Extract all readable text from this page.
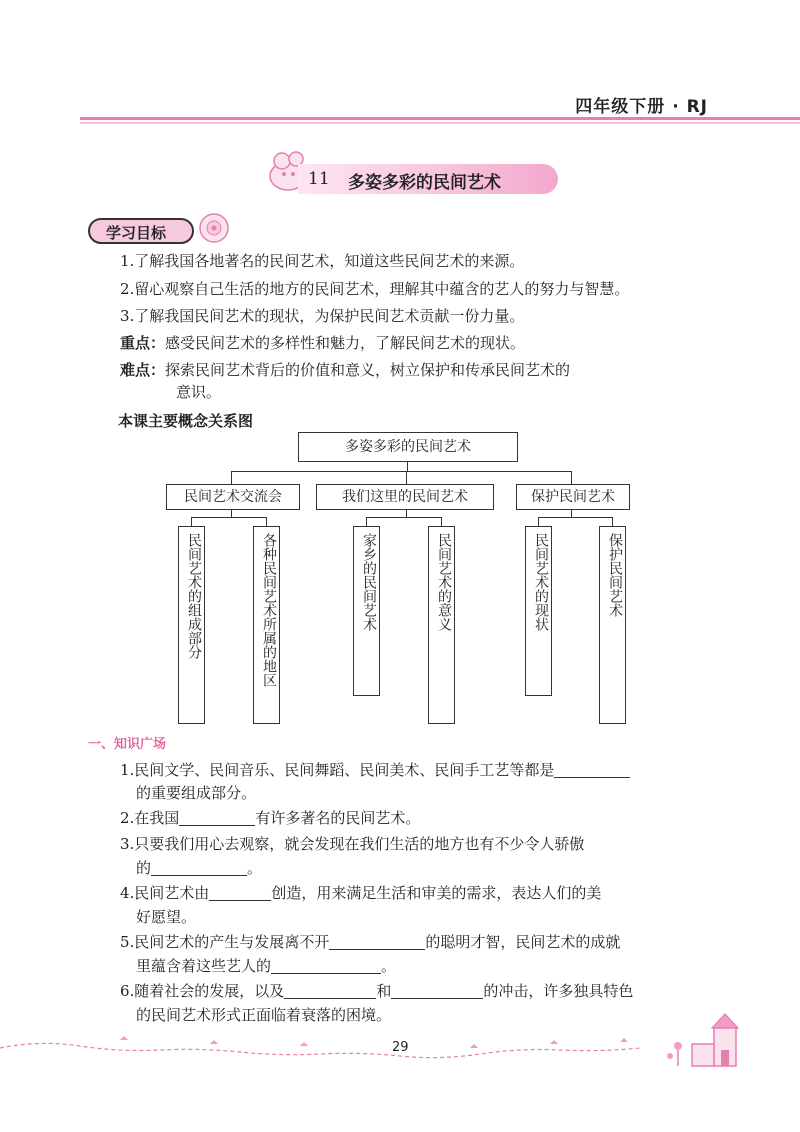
四年级下册 · RJ
11 多姿多彩的民间艺术
学习目标
1.了解我国各地著名的民间艺术，知道这些民间艺术的来源。
2.留心观察自己生活的地方的民间艺术，理解其中蕴含的艺人的努力与智慧。
3.了解我国民间艺术的现状，为保护民间艺术贡献一份力量。
重点：感受民间艺术的多样性和魅力，了解民间艺术的现状。
难点：探索民间艺术背后的价值和意义，树立保护和传承民间艺术的
意识。
本课主要概念关系图
多姿多彩的民间艺术
民间艺术交流会	我们这里的民间艺术	保护民间艺术
民间艺术的组成部分	各种民间艺术所属的地区	家乡的民间艺术	民间艺术的意义	民间艺术的现状	保护民间艺术
一、知识广场
1.民间文学、民间音乐、民间舞蹈、民间美术、民间手工艺等都是
的重要组成部分。
2.在我国	有许多著名的民间艺术。
3.只要我们用心去观察，就会发现在我们生活的地方也有不少令人骄傲
的	。
4.民间艺术由	创造，用来满足生活和审美的需求，表达人们的美
好愿望。
5.民间艺术的产生与发展离不开	的聪明才智，民间艺术的成就
里蕴含着这些艺人的	。
6.随着社会的发展，以及	和	的冲击，许多独具特色
的民间艺术形式正面临着衰落的困境。
29
